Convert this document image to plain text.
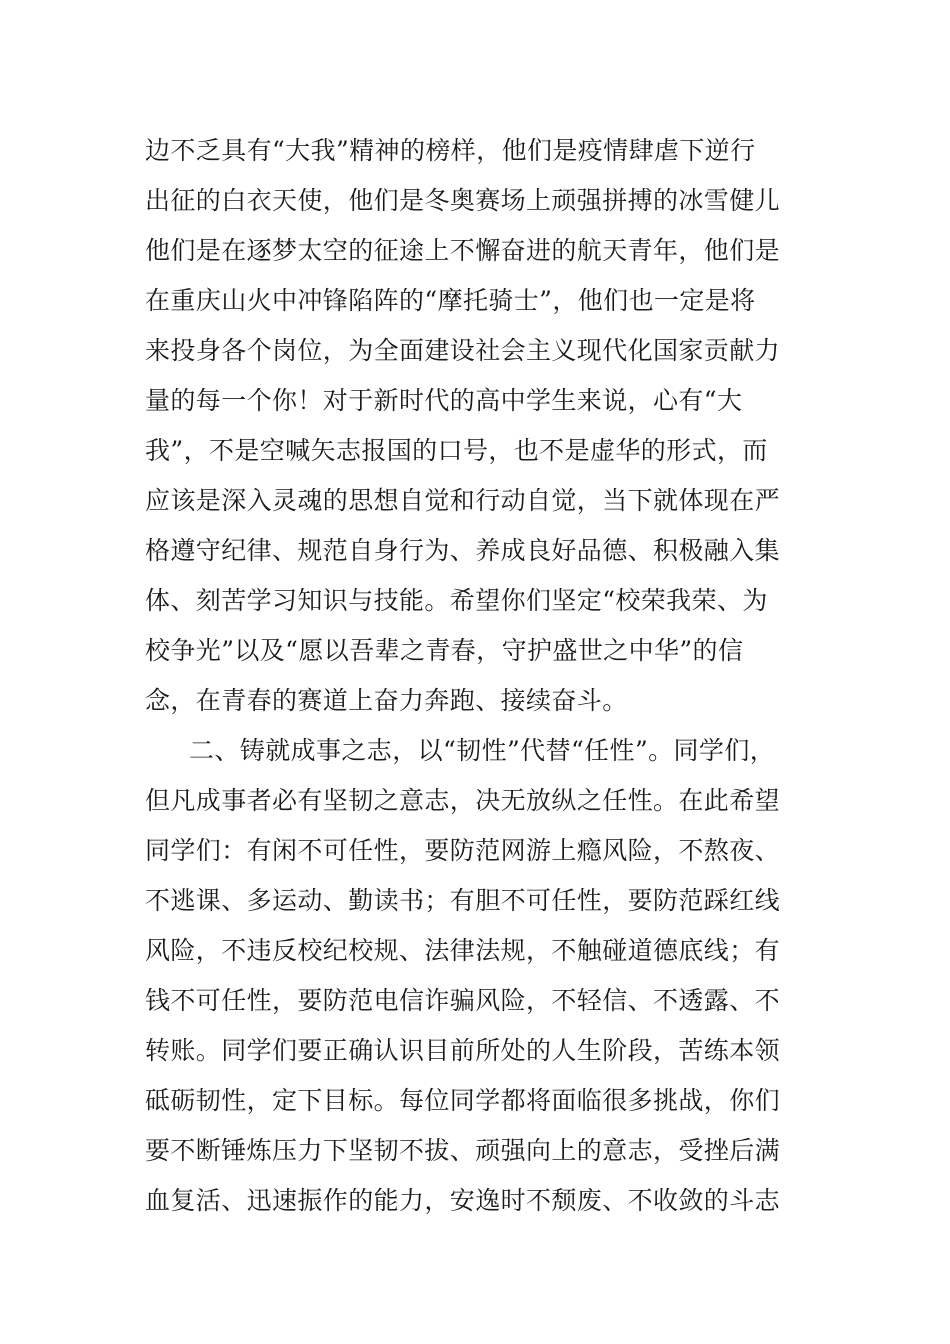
边不乏具有“大我”精神的榜样，他们是疫情肆虐下逆行
出征的白衣天使，他们是冬奥赛场上顽强拼搏的冰雪健儿
他们是在逐梦太空的征途上不懈奋进的航天青年，他们是
在重庆山火中冲锋陷阵的“摩托骑士”，他们也一定是将
来投身各个岗位，为全面建设社会主义现代化国家贡献力
量的每一个你！对于新时代的高中学生来说，心有“大
我”，不是空喊矢志报国的口号，也不是虚华的形式，而
应该是深入灵魂的思想自觉和行动自觉，当下就体现在严
格遵守纪律、规范自身行为、养成良好品德、积极融入集
体、刻苦学习知识与技能。希望你们坚定“校荣我荣、为
校争光”以及“愿以吾辈之青春，守护盛世之中华”的信
念，在青春的赛道上奋力奔跑、接续奋斗。
二、铸就成事之志，以“韧性”代替“任性”。同学们，
但凡成事者必有坚韧之意志，决无放纵之任性。在此希望
同学们：有闲不可任性，要防范网游上瘾风险，不熬夜、
不逃课、多运动、勤读书；有胆不可任性，要防范踩红线
风险，不违反校纪校规、法律法规，不触碰道德底线；有
钱不可任性，要防范电信诈骗风险，不轻信、不透露、不
转账。同学们要正确认识目前所处的人生阶段，苦练本领
砥砺韧性，定下目标。每位同学都将面临很多挑战，你们
要不断锤炼压力下坚韧不拔、顽强向上的意志，受挫后满
血复活、迅速振作的能力，安逸时不颓废、不收敛的斗志
